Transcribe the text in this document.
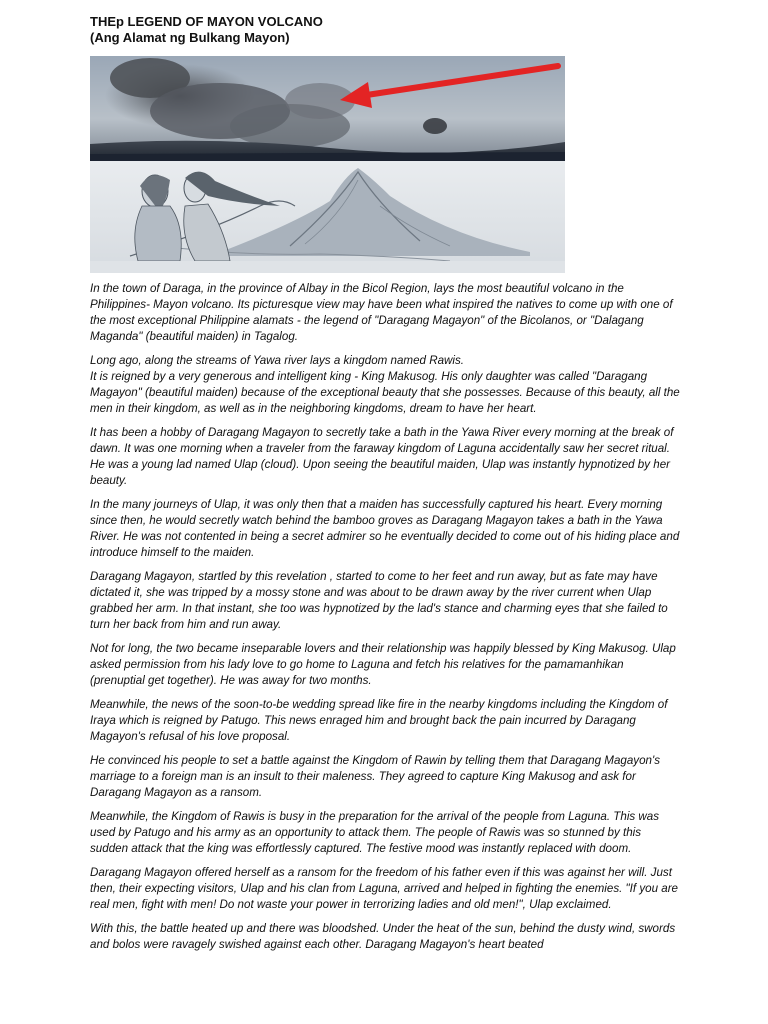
THEp LEGEND OF MAYON VOLCANO

(Ang Alamat ng Bulkang Mayon)

In the town of Daraga, in the province of Albay in the Bicol Region, lays the most beautiful volcano in the Philippines- Mayon volcano. Its picturesque view may have been what inspired the natives to come up with one of the most exceptional Philippine alamats - the legend of "Daragang Magayon" of the Bicolanos, or "Dalagang Maganda" (beautiful maiden) in Tagalog.

Long ago, along the streams of Yawa river lays a kingdom named Rawis.
It is reigned by a very generous and intelligent king - King Makusog. His only daughter was called "Daragang Magayon" (beautiful maiden) because of the exceptional beauty that she possesses. Because of this beauty, all the men in their kingdom, as well as in the neighboring kingdoms, dream to have her heart.

It has been a hobby of Daragang Magayon to secretly take a bath in the Yawa River every morning at the break of dawn. It was one morning when a traveler from the faraway kingdom of Laguna accidentally saw her secret ritual. He was a young lad named Ulap (cloud). Upon seeing the beautiful maiden, Ulap was instantly hypnotized by her beauty.

In the many journeys of Ulap, it was only then that a maiden has successfully captured his heart. Every morning since then, he would secretly watch behind the bamboo groves as Daragang Magayon takes a bath in the Yawa River. He was not contented in being a secret admirer so he eventually decided to come out of his hiding place and introduce himself to the maiden.

Daragang Magayon, startled by this revelation , started to come to her feet and run away, but as fate may have dictated it, she was tripped by a mossy stone and was about to be drawn away by the river current when Ulap grabbed her arm. In that instant, she too was hypnotized by the lad's stance and charming eyes that she failed to turn her back from him and run away.

Not for long, the two became inseparable lovers and their relationship was happily blessed by King Makusog. Ulap asked permission from his lady love to go home to Laguna and fetch his relatives for the pamamanhikan (prenuptial get together). He was away for two months.

Meanwhile, the news of the soon-to-be wedding spread like fire in the nearby kingdoms including the Kingdom of Iraya which is reigned by Patugo. This news enraged him and brought back the pain incurred by Daragang Magayon's refusal of his love proposal.

He convinced his people to set a battle against the Kingdom of Rawin by telling them that Daragang Magayon's marriage to a foreign man is an insult to their maleness. They agreed to capture King Makusog and ask for Daragang Magayon as a ransom.

Meanwhile, the Kingdom of Rawis is busy in the preparation for the arrival of the people from Laguna. This was used by Patugo and his army as an opportunity to attack them. The people of Rawis was so stunned by this sudden attack that the king was effortlessly captured. The festive mood was instantly replaced with doom.

Daragang Magayon offered herself as a ransom for the freedom of his father even if this was against her will. Just then, their expecting visitors, Ulap and his clan from Laguna, arrived and helped in fighting the enemies. "If you are real men, fight with men! Do not waste your power in terrorizing ladies and old men!", Ulap exclaimed.

With this, the battle heated up and there was bloodshed. Under the heat of the sun, behind the dusty wind, swords and bolos were ravagely swished against each other. Daragang Magayon's heart beated
